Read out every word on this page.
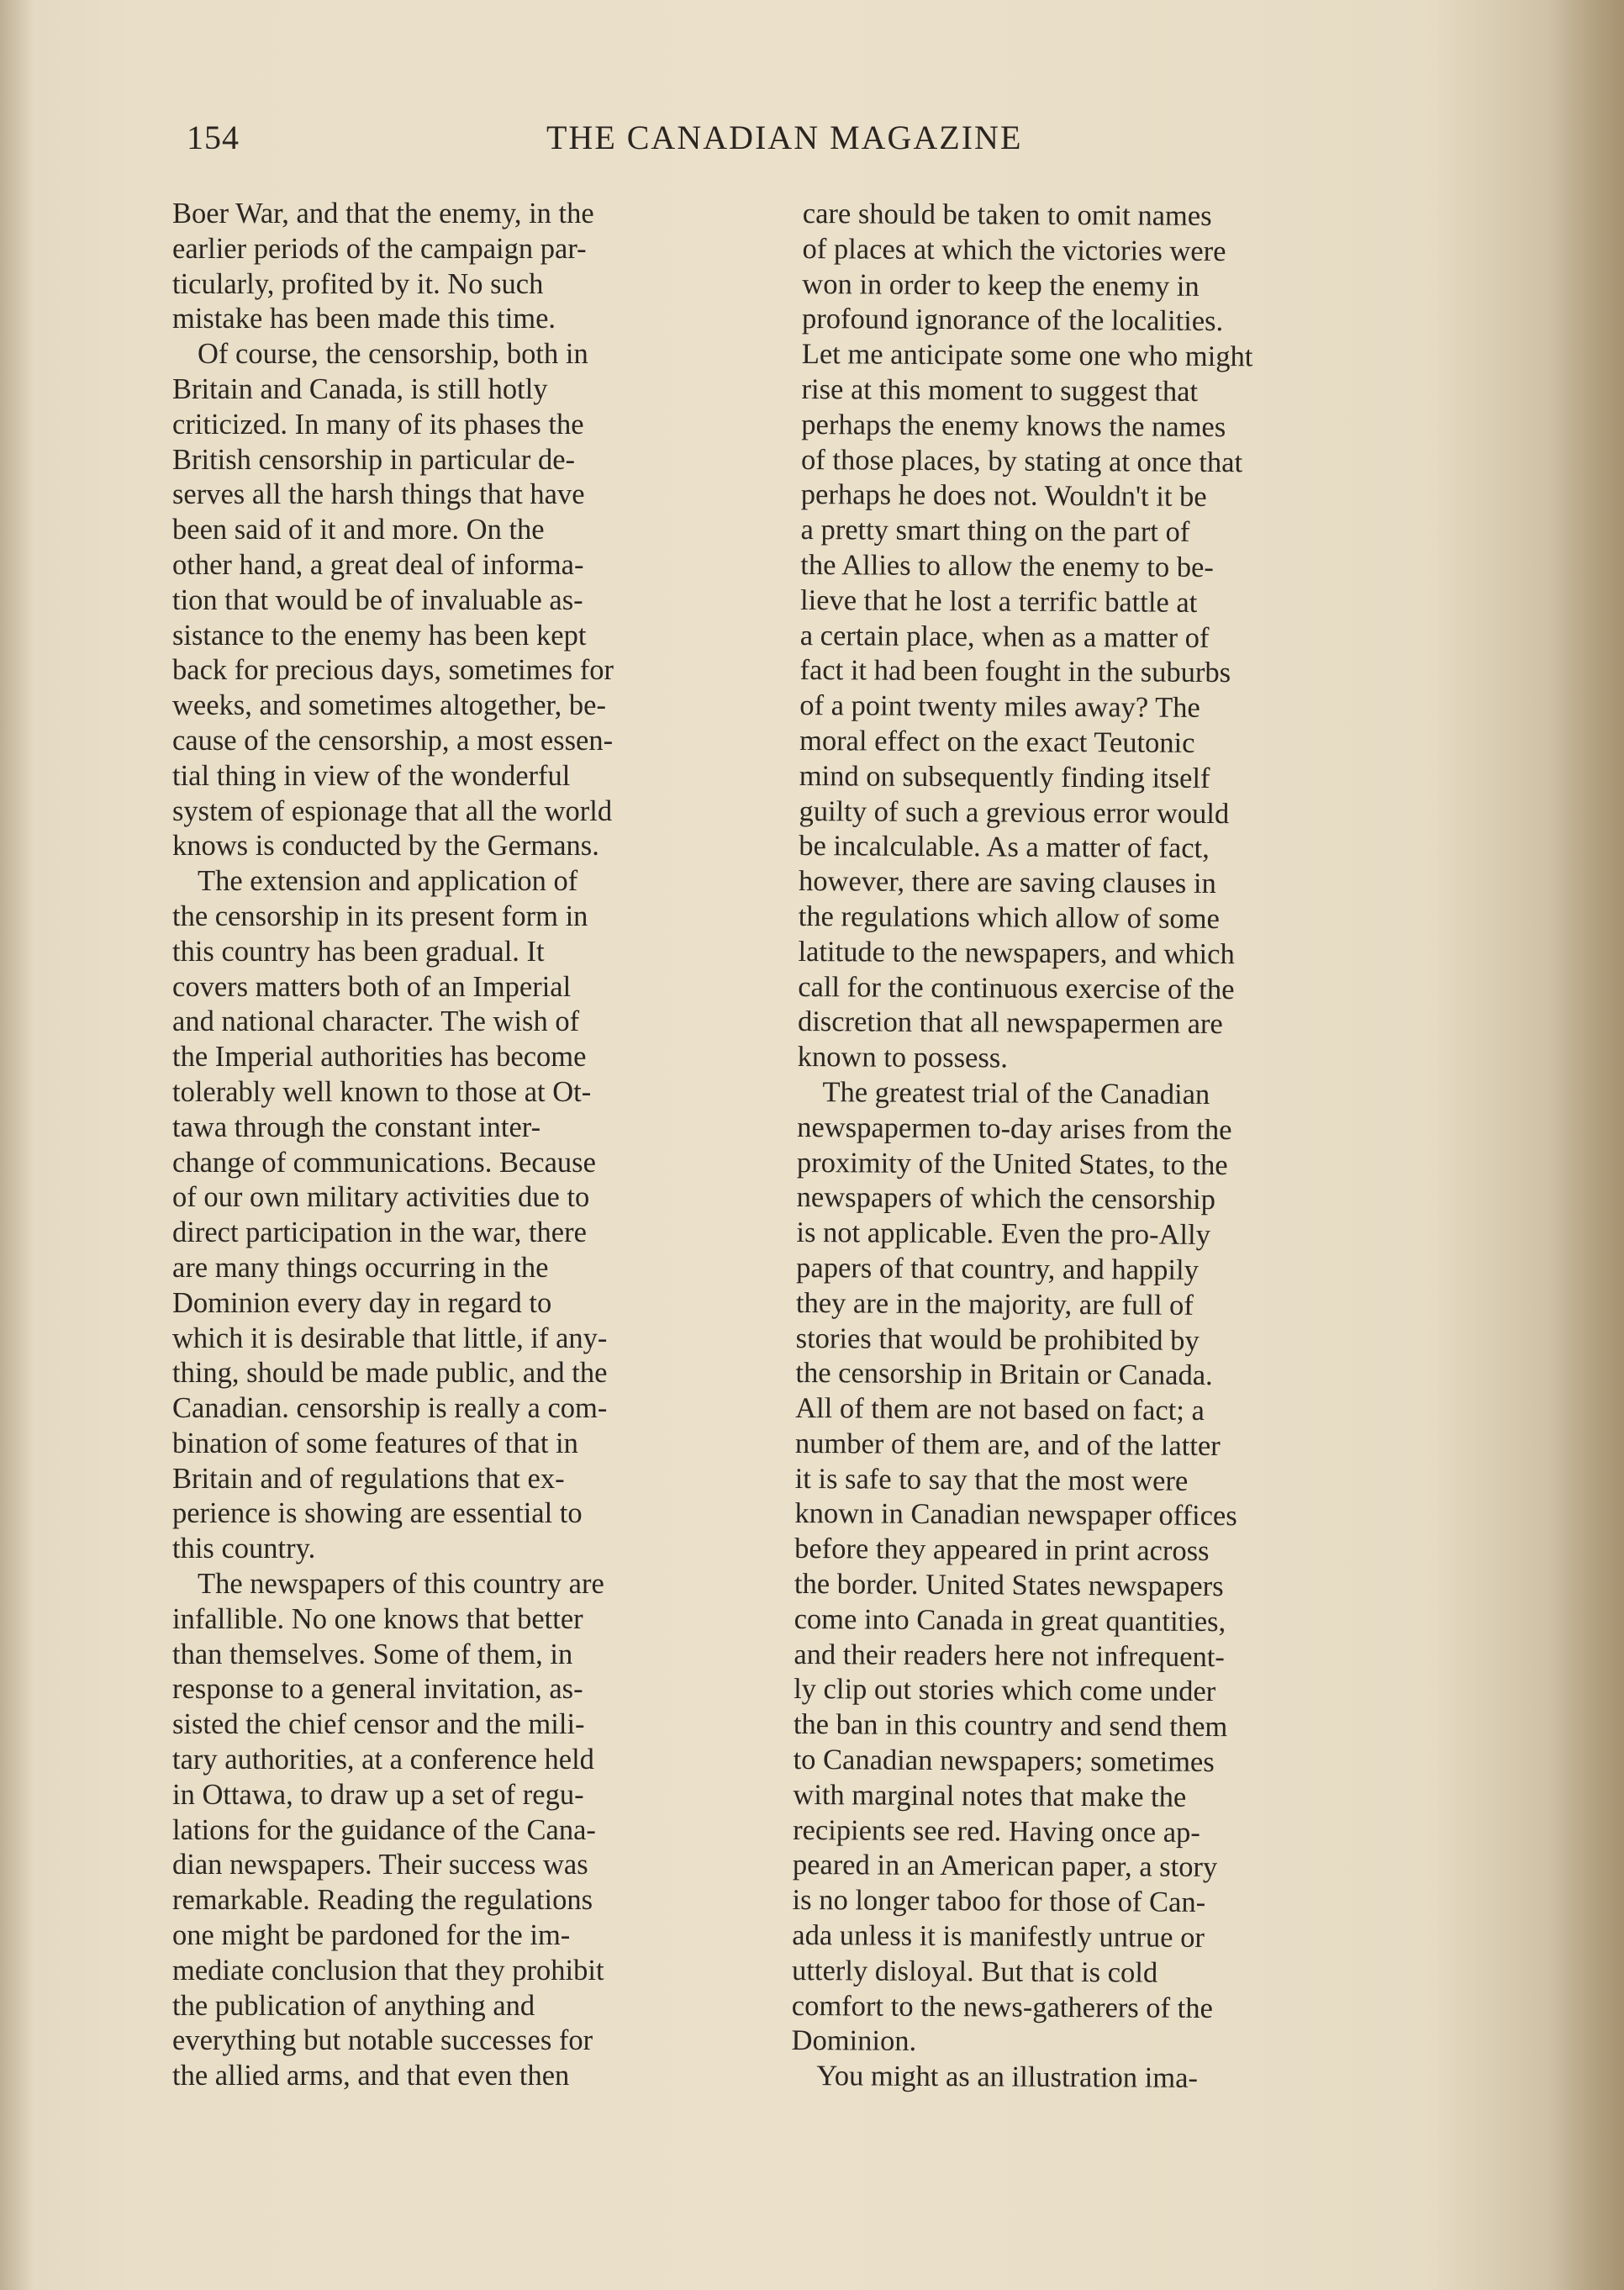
154	THE CANADIAN MAGAZINE

Boer War, and that the enemy, in the
earlier periods of the campaign par-
ticularly, profited by it. No such
mistake has been made this time.

Of course, the censorship, both in
Britain and Canada, is still hotly
criticized. In many of its phases the
British censorship in particular de-
serves all the harsh things that have
been said of it and more. On the
other hand, a great deal of informa-
tion that would be of invaluable as-
sistance to the enemy has been kept
back for precious days, sometimes for
weeks, and sometimes altogether, be-
cause of the censorship, a most essen-
tial thing in view of the wonderful
system of espionage that all the world
knows is conducted by the Germans.

The extension and application of
the censorship in its present form in
this country has been gradual. It
covers matters both of an Imperial
and national character. The wish of
the Imperial authorities has become
tolerably well known to those at Ot-
tawa through the constant inter-
change of communications. Because
of our own military activities due to
direct participation in the war, there
are many things occurring in the
Dominion every day in regard to
which it is desirable that little, if any-
thing, should be made public, and the
Canadian. censorship is really a com-
bination of some features of that in
Britain and of regulations that ex-
perience is showing are essential to
this country.

The newspapers of this country are
infallible. No one knows that better
than themselves. Some of them, in
response to a general invitation, as-
sisted the chief censor and the mili-
tary authorities, at a conference held
in Ottawa, to draw up a set of regu-
lations for the guidance of the Cana-
dian newspapers. Their success was
remarkable. Reading the regulations
one might be pardoned for the im-
mediate conclusion that they prohibit
the publication of anything and
everything but notable successes for
the allied arms, and that even then

care should be taken to omit names
of places at which the victories were
won in order to keep the enemy in
profound ignorance of the localities.
Let me anticipate some one who might
rise at this moment to suggest that
perhaps the enemy knows the names
of those places, by stating at once that
perhaps he does not. Wouldn't it be
a pretty smart thing on the part of
the Allies to allow the enemy to be-
lieve that he lost a terrific battle at
a certain place, when as a matter of
fact it had been fought in the suburbs
of a point twenty miles away? The
moral effect on the exact Teutonic
mind on subsequently finding itself
guilty of such a grevious error would
be incalculable. As a matter of fact,
however, there are saving clauses in
the regulations which allow of some
latitude to the newspapers, and which
call for the continuous exercise of the
discretion that all newspapermen are
known to possess.

The greatest trial of the Canadian
newspapermen to-day arises from the
proximity of the United States, to the
newspapers of which the censorship
is not applicable. Even the pro-Ally
papers of that country, and happily
they are in the majority, are full of
stories that would be prohibited by
the censorship in Britain or Canada.
All of them are not based on fact; a
number of them are, and of the latter
it is safe to say that the most were
known in Canadian newspaper offices
before they appeared in print across
the border. United States newspapers
come into Canada in great quantities,
and their readers here not infrequent-
ly clip out stories which come under
the ban in this country and send them
to Canadian newspapers; sometimes
with marginal notes that make the
recipients see red. Having once ap-
peared in an American paper, a story
is no longer taboo for those of Can-
ada unless it is manifestly untrue or
utterly disloyal. But that is cold
comfort to the news-gatherers of the
Dominion.

You might as an illustration ima-
